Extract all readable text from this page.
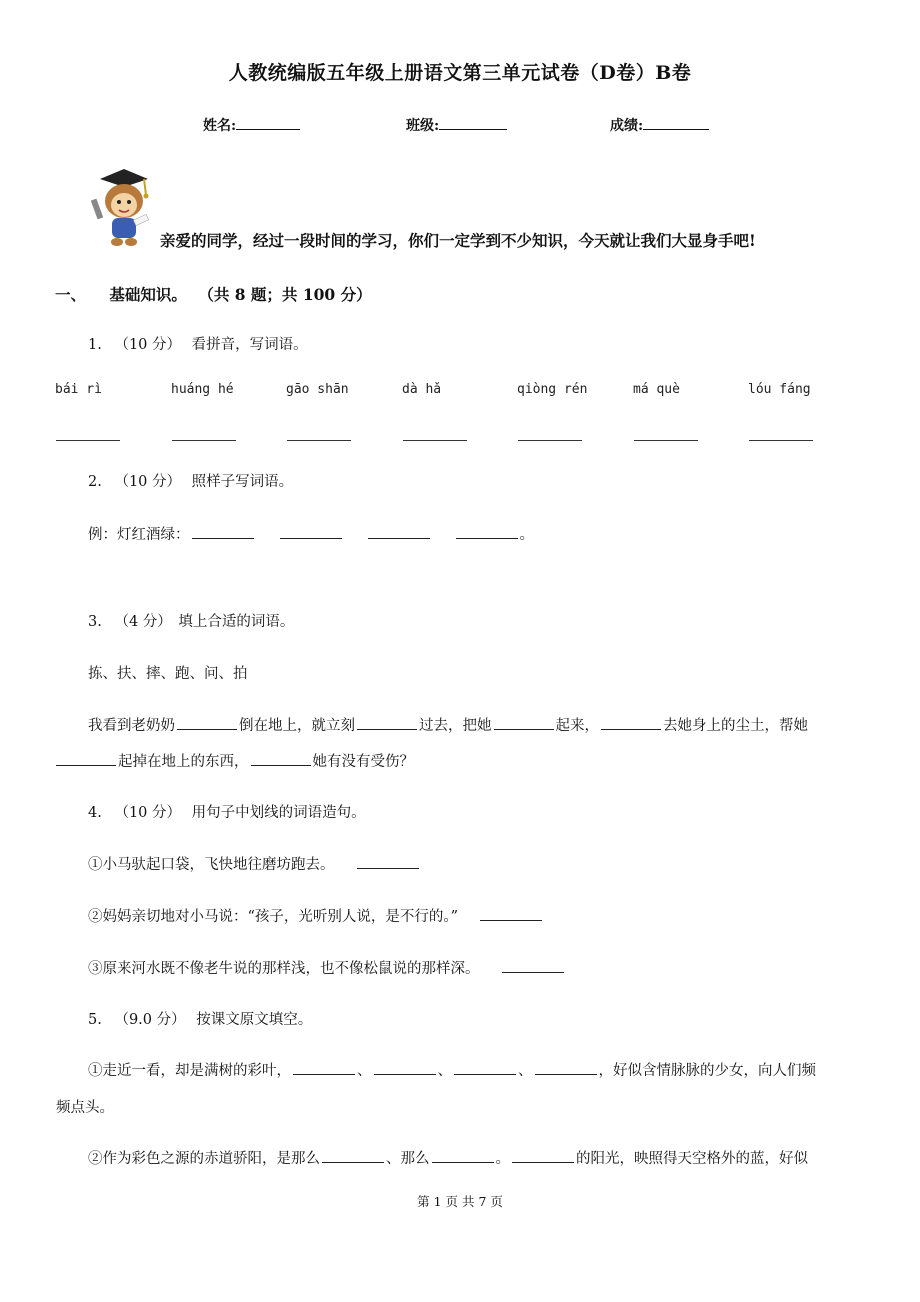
人教统编版五年级上册语文第三单元试卷（D卷）B卷
姓名:	班级:	成绩:
亲爱的同学，经过一段时间的学习，你们一定学到不少知识，今天就让我们大显身手吧!
一、 基础知识。 （共 8 题；共 100 分）
1. （10 分） 看拼音，写词语。
bái rì	huáng hé	gāo shān	dà hǎ	qiòng rén	má què	lóu fáng
2. （10 分） 照样子写词语。
例：灯红酒绿：	。
3. （4 分） 填上合适的词语。
拣、扶、摔、跑、问、拍
我看到老奶奶	倒在地上，就立刻	过去，把她	起来，	去她身上的尘土，帮她
起掉在地上的东西，	她有没有受伤？
4. （10 分） 用句子中划线的词语造句。
①小马驮起口袋，飞快地往磨坊跑去。
②妈妈亲切地对小马说：“孩子，光听别人说，是不行的。”
③原来河水既不像老牛说的那样浅，也不像松鼠说的那样深。
5. （9.0 分） 按课文原文填空。
①走近一看，却是满树的彩叶，	、	、	、	，好似含情脉脉的少女，向人们频
频点头。
②作为彩色之源的赤道骄阳，是那么	、那么	。	的阳光，映照得天空格外的蓝，好似
第 1 页 共 7 页
